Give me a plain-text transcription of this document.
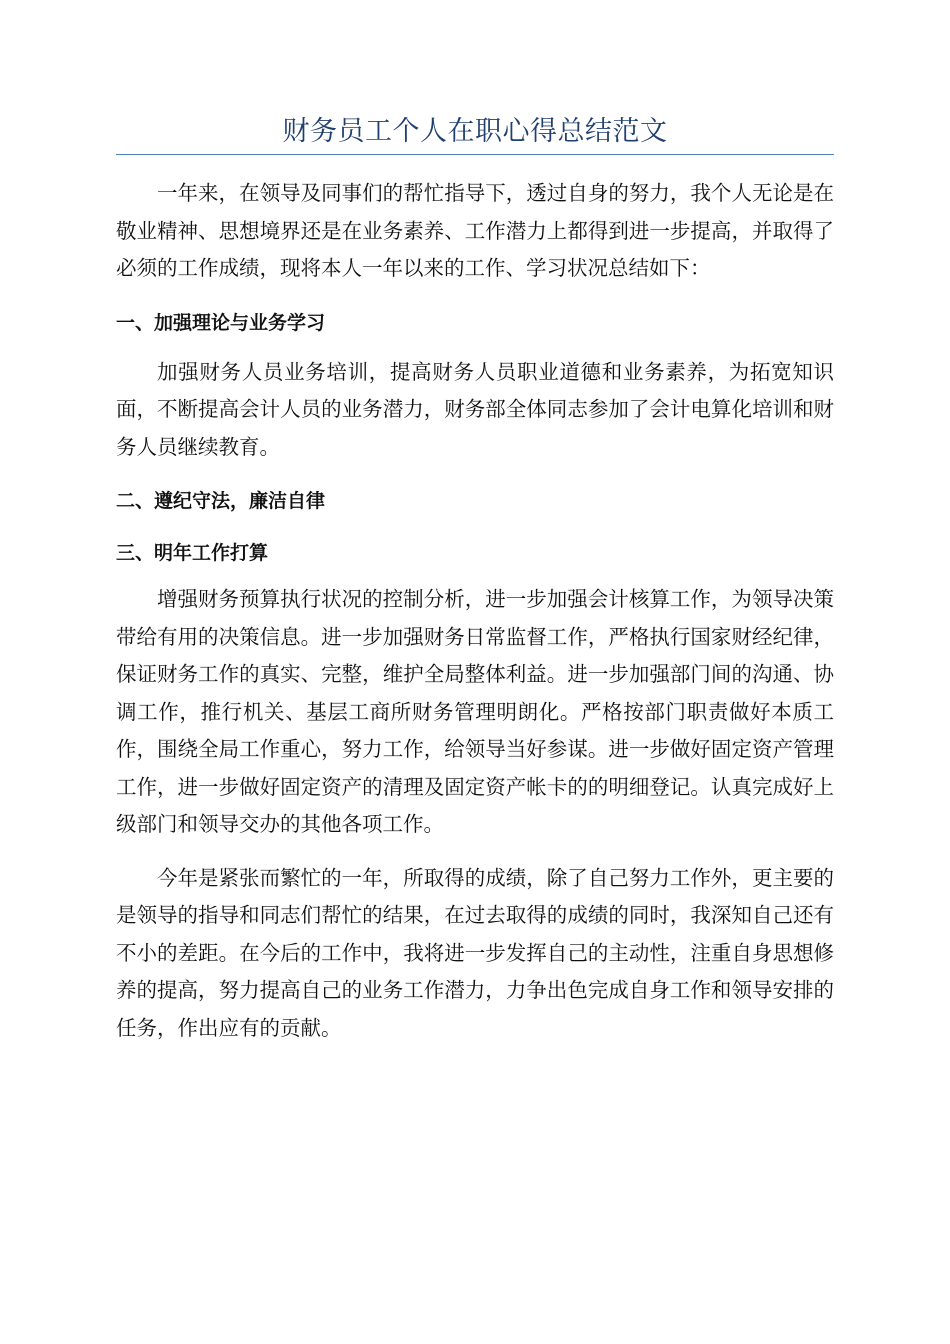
财务员工个人在职心得总结范文

一年来，在领导及同事们的帮忙指导下，透过自身的努力，我个人无论是在敬业精神、思想境界还是在业务素养、工作潜力上都得到进一步提高，并取得了必须的工作成绩，现将本人一年以来的工作、学习状况总结如下：

一、加强理论与业务学习

加强财务人员业务培训，提高财务人员职业道德和业务素养，为拓宽知识面，不断提高会计人员的业务潜力，财务部全体同志参加了会计电算化培训和财务人员继续教育。

二、遵纪守法，廉洁自律
三、明年工作打算

增强财务预算执行状况的控制分析，进一步加强会计核算工作，为领导决策带给有用的决策信息。进一步加强财务日常监督工作，严格执行国家财经纪律，保证财务工作的真实、完整，维护全局整体利益。进一步加强部门间的沟通、协调工作，推行机关、基层工商所财务管理明朗化。严格按部门职责做好本质工作，围绕全局工作重心，努力工作，给领导当好参谋。进一步做好固定资产管理工作，进一步做好固定资产的清理及固定资产帐卡的的明细登记。认真完成好上级部门和领导交办的其他各项工作。

今年是紧张而繁忙的一年，所取得的成绩，除了自己努力工作外，更主要的是领导的指导和同志们帮忙的结果，在过去取得的成绩的同时，我深知自己还有不小的差距。在今后的工作中，我将进一步发挥自己的主动性，注重自身思想修养的提高，努力提高自己的业务工作潜力，力争出色完成自身工作和领导安排的任务，作出应有的贡献。
